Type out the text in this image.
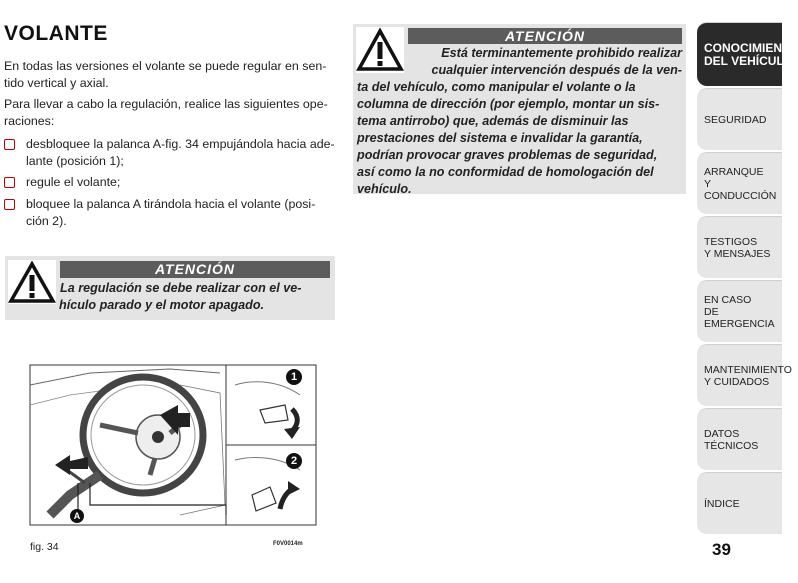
VOLANTE
En todas las versiones el volante se puede regular en sen-
tido vertical y axial.
Para llevar a cabo la regulación, realice las siguientes ope-
raciones:
desbloquee la palanca A-fig. 34 empujándola hacia ade-
lante (posición 1);
regule el volante;
bloquee la palanca A tirándola hacia el volante (posi-
ción 2).
ATENCIÓN
La regulación se debe realizar con el ve-
hículo parado y el motor apagado.
1
2
A
fig. 34	F0V0014m
ATENCIÓN
Está terminantemente prohibido realizar
cualquier intervención después de la ven-
ta del vehículo, como manipular el volante o la
columna de dirección (por ejemplo, montar un sis-
tema antirrobo) que, además de disminuir las
prestaciones del sistema e invalidar la garantía,
podrían provocar graves problemas de seguridad,
así como la no conformidad de homologación del
vehículo.
CONOCIMIENTO
DEL VEHÍCULO
SEGURIDAD
ARRANQUE
Y CONDUCCIÓN
TESTIGOS
Y MENSAJES
EN CASO
DE EMERGENCIA
MANTENIMIENTO
Y CUIDADOS
DATOS TÉCNICOS
ÍNDICE
39
